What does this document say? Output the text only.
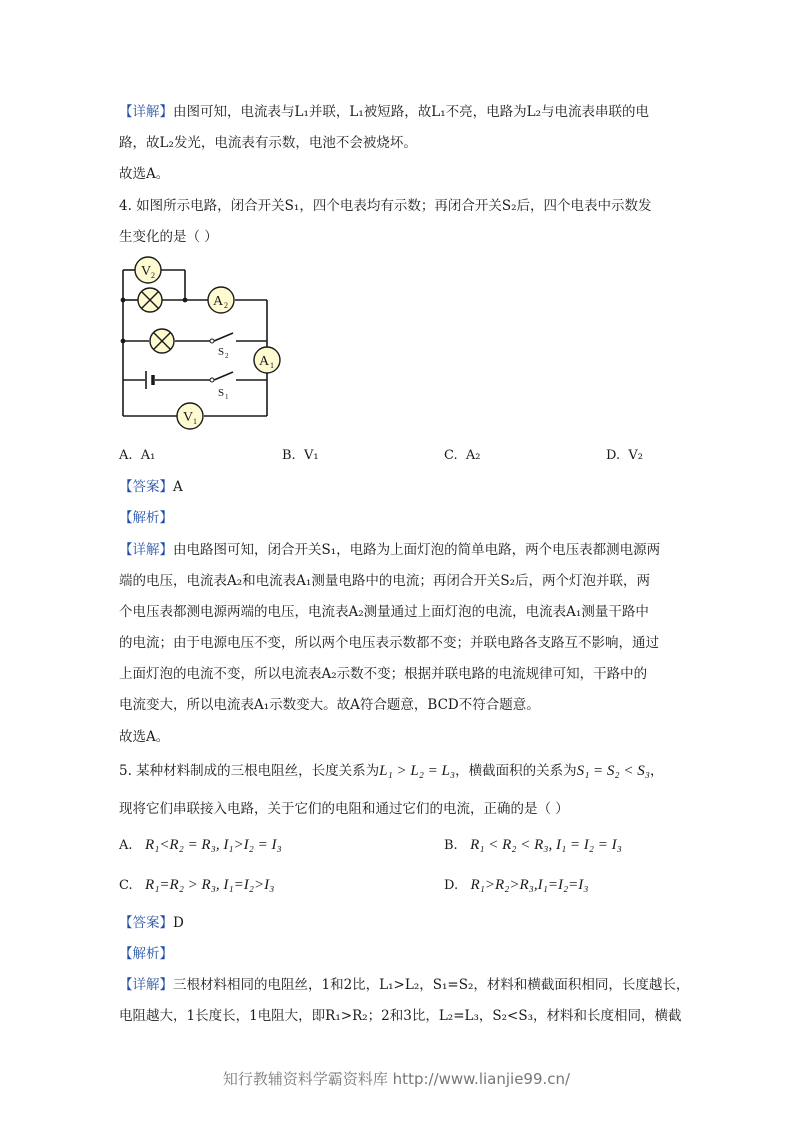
【详解】由图可知，电流表与L₁并联，L₁被短路，故L₁不亮，电路为L₂与电流表串联的电
路，故L₂发光，电流表有示数，电池不会被烧坏。
故选A。
4. 如图所示电路，闭合开关S₁，四个电表均有示数；再闭合开关S₂后，四个电表中示数发
生变化的是（ ）
V 2
A 2
S 2 A 1
S 1
V 1
A. A₁	B. V₁	C. A₂	D. V₂
【答案】A
【解析】
【详解】由电路图可知，闭合开关S₁，电路为上面灯泡的简单电路，两个电压表都测电源两
端的电压，电流表A₂和电流表A₁测量电路中的电流；再闭合开关S₂后，两个灯泡并联，两
个电压表都测电源两端的电压，电流表A₂测量通过上面灯泡的电流，电流表A₁测量干路中
的电流；由于电源电压不变，所以两个电压表示数都不变；并联电路各支路互不影响，通过
上面灯泡的电流不变，所以电流表A₂示数不变；根据并联电路的电流规律可知，干路中的
电流变大，所以电流表A₁示数变大。故A符合题意，BCD不符合题意。
故选A。
5. 某种材料制成的三根电阻丝，长度关系为L₁ > L₂ = L₃，横截面积的关系为S₁ = S₂ < S₃，
现将它们串联接入电路，关于它们的电阻和通过它们的电流，正确的是（ ）
A. R₁<R₂ = R₃, I₁>I₂ = I₃	B. R₁ < R₂ < R₃, I₁ = I₂ = I₃
C. R₁=R₂ > R₃, I₁=I₂>I₃	D. R₁>R₂>R₃,I₁=I₂=I₃
【答案】D
【解析】
【详解】三根材料相同的电阻丝，1和2比，L₁>L₂，S₁=S₂，材料和横截面积相同，长度越长，
电阻越大，1长度长，1电阻大，即R₁>R₂；2和3比，L₂=L₃，S₂<S₃，材料和长度相同，横截
知行教辅资料学霸资料库 http://www.lianjie99.cn/
